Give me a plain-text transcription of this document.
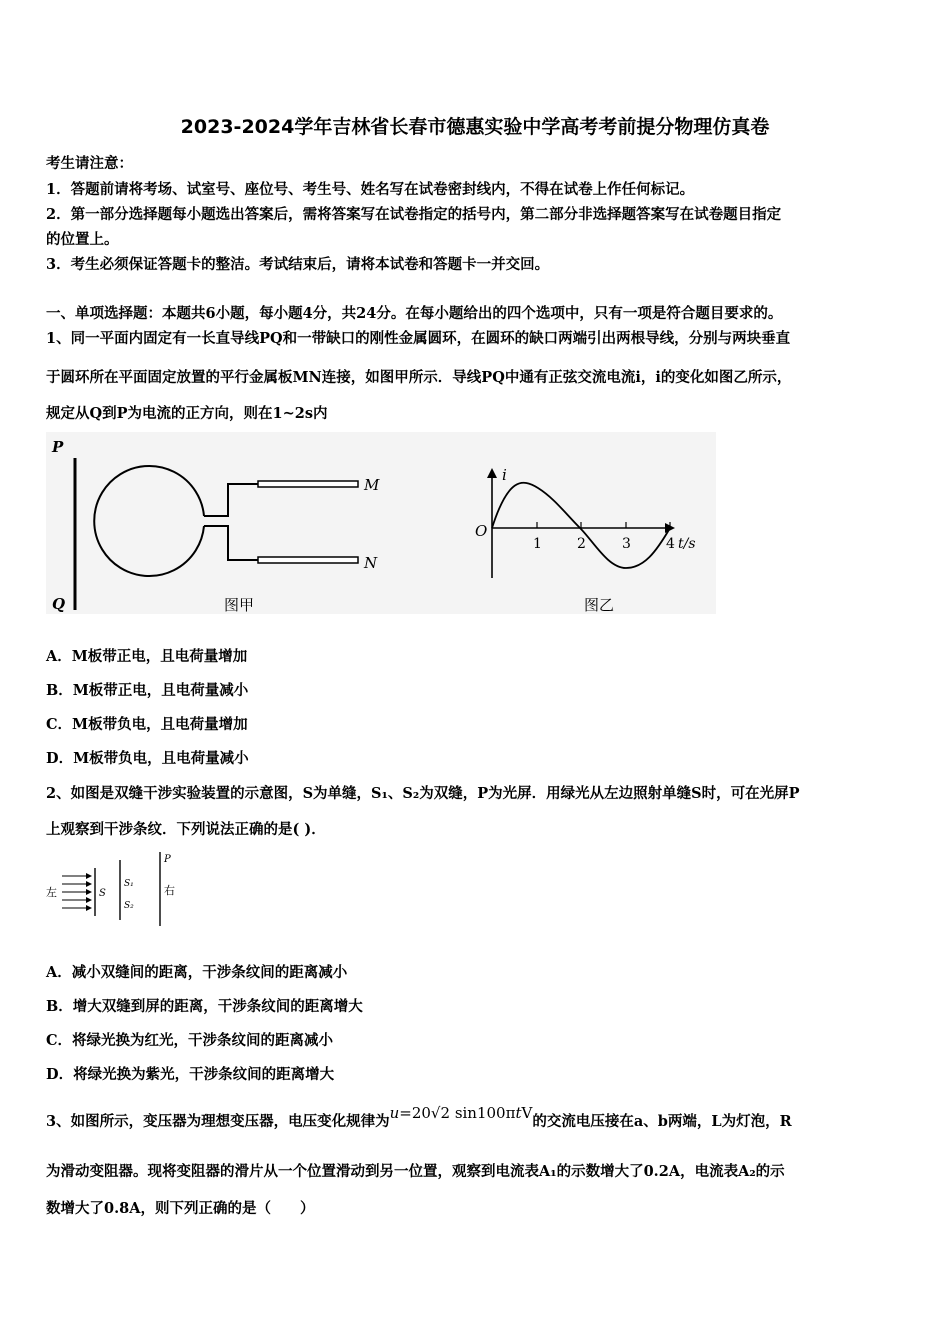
2023-2024学年吉林省长春市德惠实验中学高考考前提分物理仿真卷
考生请注意：
1．答题前请将考场、试室号、座位号、考生号、姓名写在试卷密封线内，不得在试卷上作任何标记。
2．第一部分选择题每小题选出答案后，需将答案写在试卷指定的括号内，第二部分非选择题答案写在试卷题目指定
的位置上。
3．考生必须保证答题卡的整洁。考试结束后，请将本试卷和答题卡一并交回。
一、单项选择题：本题共6小题，每小题4分，共24分。在每小题给出的四个选项中，只有一项是符合题目要求的。
1、同一平面内固定有一长直导线PQ和一带缺口的刚性金属圆环，在圆环的缺口两端引出两根导线，分别与两块垂直
于圆环所在平面固定放置的平行金属板MN连接，如图甲所示．导线PQ中通有正弦交流电流i，i的变化如图乙所示，
规定从Q到P为电流的正方向，则在1~2s内
P
Q
M
N
图甲
i
O
1	2	3	4 t/s
图乙
A．M板带正电，且电荷量增加
B．M板带正电，且电荷量减小
C．M板带负电，且电荷量增加
D．M板带负电，且电荷量减小
2、如图是双缝干涉实验装置的示意图，S为单缝，S₁、S₂为双缝，P为光屏．用绿光从左边照射单缝S时，可在光屏P
上观察到干涉条纹．下列说法正确的是( )．
左	S
S₁
S₂
P
右
A．减小双缝间的距离，干涉条纹间的距离减小
B．增大双缝到屏的距离，干涉条纹间的距离增大
C．将绿光换为红光，干涉条纹间的距离减小
D．将绿光换为紫光，干涉条纹间的距离增大
3、如图所示，变压器为理想变压器，电压变化规律为u=20√2 sin100πtV的交流电压接在a、b两端，L为灯泡，R
为滑动变阻器。现将变阻器的滑片从一个位置滑动到另一位置，观察到电流表A₁的示数增大了0.2A，电流表A₂的示
数增大了0.8A，则下列正确的是（　　）
